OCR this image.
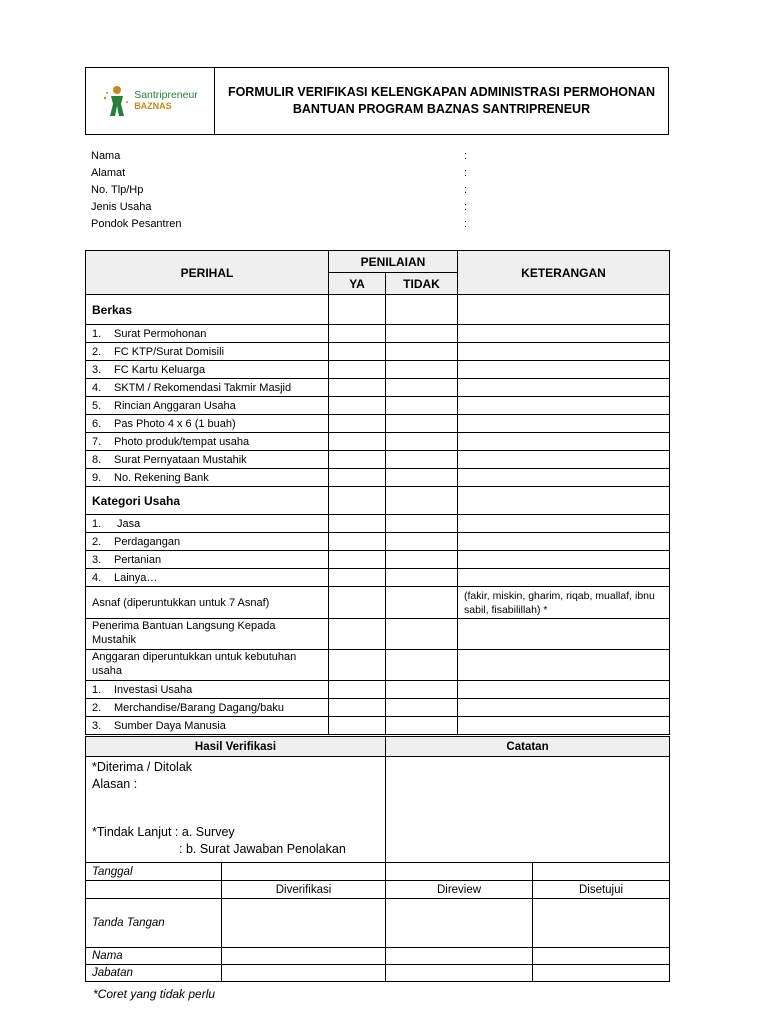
Santripreneur
BAZNAS
FORMULIR VERIFIKASI KELENGKAPAN ADMINISTRASI PERMOHONAN
BANTUAN PROGRAM BAZNAS SANTRIPRENEUR
Nama	:
Alamat	:
No. Tlp/Hp	:
Jenis Usaha	:
Pondok Pesantren	:
PERIHAL	PENILAIAN		KETERANGAN
	YA	TIDAK	
Berkas			
1. Surat Permohonan			
2. FC KTP/Surat Domisili			
3. FC Kartu Keluarga			
4. SKTM / Rekomendasi Takmir Masjid			
5. Rincian Anggaran Usaha			
6. Pas Photo 4 x 6 (1 buah)			
7. Photo produk/tempat usaha			
8. Surat Pernyataan Mustahik			
9. No. Rekening Bank			
Kategori Usaha			
1. Jasa			
2. Perdagangan			
3. Pertanian			
4. Lainya…			
Asnaf (diperuntukkan untuk 7 Asnaf)			(fakir, miskin, gharim, riqab, muallaf, ibnu sabil, fisabilillah) *
Penerima Bantuan Langsung Kepada Mustahik			
Anggaran diperuntukkan untuk kebutuhan usaha			
1. Investasi Usaha			
2. Merchandise/Barang Dagang/baku			
3. Sumber Daya Manusia			
Hasil Verifikasi		Catatan	

*Diterima / Ditolak
Alasan :
*Tindak Lanjut : a. Survey
: b. Surat Jawaban Penolakan			

Tanggal			
	Diverifikasi	Direview	Disetujui
Tanda Tangan			
Nama			
Jabatan			
*Coret yang tidak perlu
